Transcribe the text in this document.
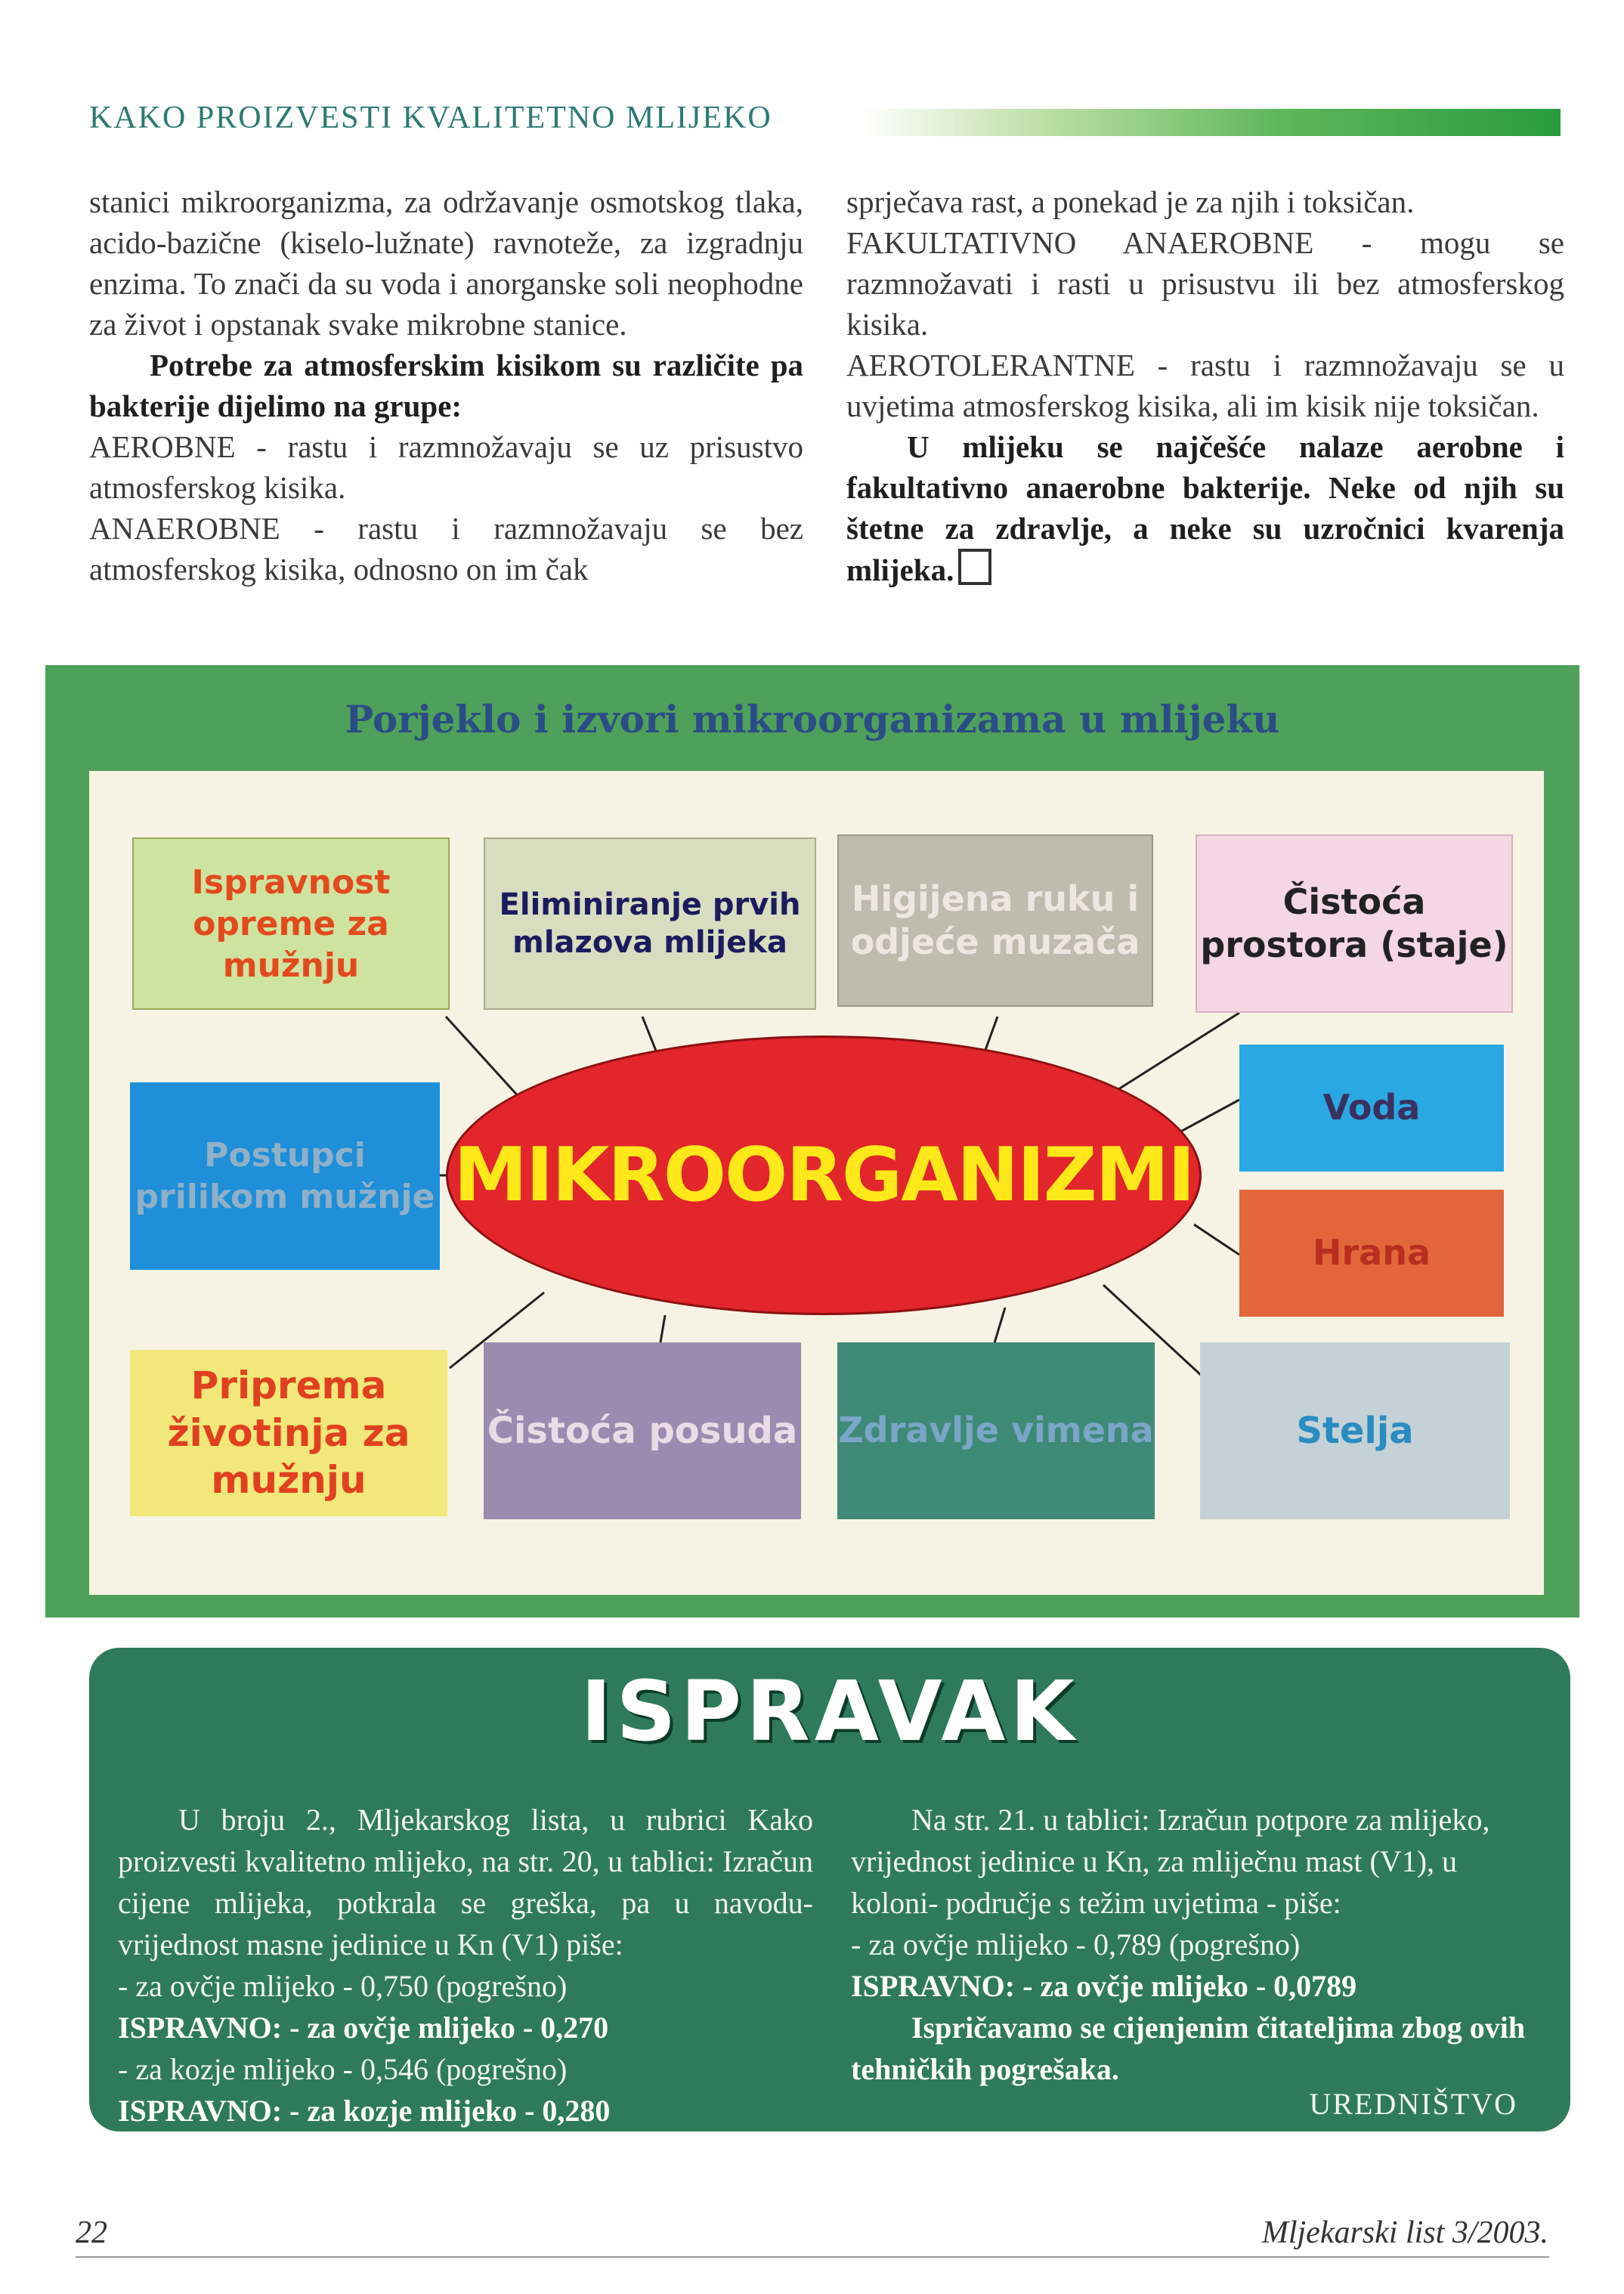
KAKO PROIZVESTI KVALITETNO MLIJEKO

stanici mikroorganizma, za održavanje osmotskog tlaka, acido-bazične (kiselo-lužnate) ravnoteže, za izgradnju enzima. To znači da su voda i anorganske soli neophodne za život i opstanak svake mikrobne stanice.

Potrebe za atmosferskim kisikom su različite pa bakterije dijelimo na grupe:

AEROBNE - rastu i razmnožavaju se uz prisustvo atmosferskog kisika.

ANAEROBNE - rastu i razmnožavaju se bez atmosferskog kisika, odnosno on im čak

sprječava rast, a ponekad je za njih i toksičan.

FAKULTATIVNO ANAEROBNE - mogu se razmnožavati i rasti u prisustvu ili bez atmosferskog kisika.

AEROTOLERANTNE - rastu i razmnožavaju se u uvjetima atmosferskog kisika, ali im kisik nije toksičan.

U mlijeku se najčešće nalaze aerobne i fakultativno anaerobne bakterije. Neke od njih su štetne za zdravlje, a neke su uzročnici kvarenja mlijeka.

Porjeklo i izvori mikroorganizama u mlijeku
Ispravnost opreme za mužnju
Eliminiranje prvih mlazova mlijeka
Higijena ruku i odjeće muzača
Čistoća prostora (staje)
Postupci prilikom mužnje
Voda
Hrana
Priprema životinja za mužnju
Čistoća posuda Zdravlje vimena	Stelja
MIKROORGANIZMI
ISPRAVAK

U broju 2., Mljekarskog lista, u rubrici Kako proizvesti kvalitetno mlijeko, na str. 20, u tablici: Izračun cijene mlijeka, potkrala se greška, pa u navodu-vrijednost masne jedinice u Kn (V1) piše:

- za ovčje mlijeko - 0,750 (pogrešno)

ISPRAVNO: - za ovčje mlijeko - 0,270

- za kozje mlijeko - 0,546 (pogrešno)

ISPRAVNO: - za kozje mlijeko - 0,280

Na str. 21. u tablici: Izračun potpore za mlijeko, vrijednost jedinice u Kn, za mliječnu mast (V1), u koloni- područje s težim uvjetima - piše:

- za ovčje mlijeko - 0,789 (pogrešno)

ISPRAVNO: - za ovčje mlijeko - 0,0789

Ispričavamo se cijenjenim čitateljima zbog ovih tehničkih pogrešaka.

UREDNIŠTVO
22	Mljekarski list 3/2003.
